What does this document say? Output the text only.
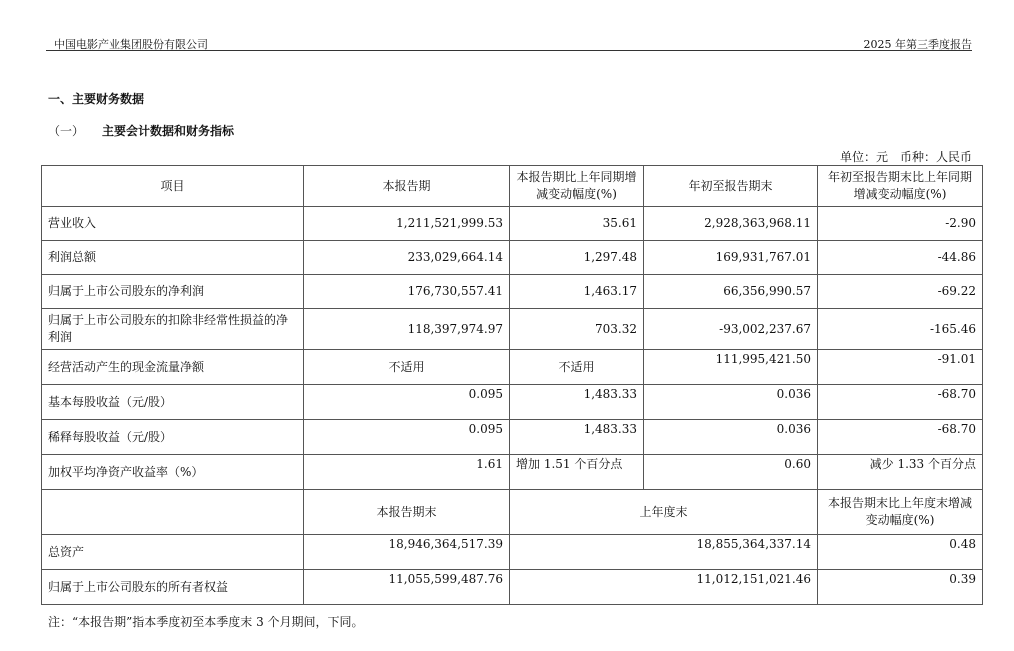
中国电影产业集团股份有限公司	2025 年第三季度报告
一、主要财务数据
（一） 主要会计数据和财务指标
单位：元　币种：人民币
项目	本报告期	本报告期比上年同期增减变动幅度(%)	年初至报告期末	年初至报告期末比上年同期增减变动幅度(%)
营业收入	1,211,521,999.53	35.61	2,928,363,968.11	-2.90
利润总额	233,029,664.14	1,297.48	169,931,767.01	-44.86
归属于上市公司股东的净利润	176,730,557.41	1,463.17	66,356,990.57	-69.22
归属于上市公司股东的扣除非经常性损益的净利润	118,397,974.97	703.32	-93,002,237.67	-165.46
经营活动产生的现金流量净额	不适用	不适用	111,995,421.50	-91.01
基本每股收益（元/股）	0.095	1,483.33	0.036	-68.70
稀释每股收益（元/股）	0.095	1,483.33	0.036	-68.70
加权平均净资产收益率（%）	1.61	增加 1.51 个百分点	0.60	减少 1.33 个百分点
	本报告期末	上年度末		本报告期末比上年度末增减变动幅度(%)
总资产	18,946,364,517.39	18,855,364,337.14		0.48
归属于上市公司股东的所有者权益	11,055,599,487.76	11,012,151,021.46		0.39
注：“本报告期”指本季度初至本季度末 3 个月期间，下同。
